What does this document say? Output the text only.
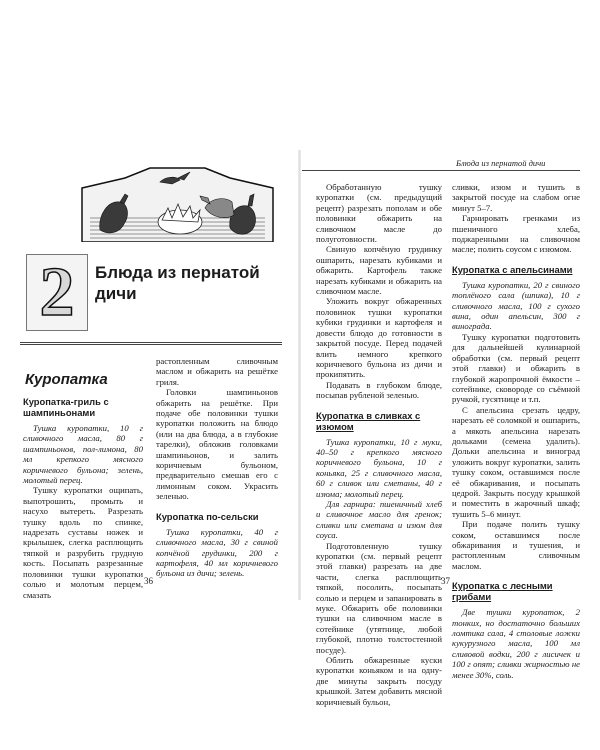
2	Блюда из пернатой дичи
Куропатка
Куропатка-гриль с шампиньонами

Тушка куропатки, 10 г сливочного масла, 80 г шампиньонов, пол-лимона, 80 мл крепкого мясного коричневого бульона; зелень, молотый перец.

Тушку куропатки ощипать, выпотрошить, промыть и насухо вытереть. Разрезать тушку вдоль по спинке, надрезать суставы ножек и крылышек, слегка расплющить тяпкой и разрубить грудную кость. Посыпать разрезанные половинки тушки куропатки солью и молотым перцем, смазать

растопленным сливочным маслом и обжарить на решётке гриля.

Головки шампиньонов обжарить на решётке. При подаче обе половинки тушки куропатки положить на блюдо (или на два блюда, а в глубокие тарелки), обложив головками шампиньонов, и залить коричневым бульоном, предварительно смешав его с лимонным соком. Украсить зеленью.

Куропатка по-сельски

Тушка куропатки, 40 г сливочного масла, 30 г свиной копчёной грудинки, 200 г картофеля, 40 мл коричневого бульона из дичи; зелень.

36
Блюда из пернатой дичи

Обработанную тушку куропатки (см. предыдущий рецепт) разрезать пополам и обе половинки обжарить на сливочном масле до полуготовности.

Свиную копчёную грудинку ошпарить, нарезать кубиками и обжарить. Картофель также нарезать кубиками и обжарить на сливочном масле.

Уложить вокруг обжаренных половинок тушки куропатки кубики грудинки и картофеля и довести блюдо до готовности в закрытой посуде. Перед подачей влить немного крепкого коричневого бульона из дичи и прокипятить.

Подавать в глубоком блюде, посыпав рубленой зеленью.

Куропатка в сливках с изюмом

Тушка куропатки, 10 г муки, 40–50 г крепкого мясного коричневого бульона, 10 г коньяка, 25 г сливочного масла, 60 г сливок или сметаны, 40 г изюма; молотый перец.

Для гарнира: пшеничный хлеб и сливочное масло для гренок; сливки или сметана и изюм для соуса.

Подготовленную тушку куропатки (см. первый рецепт этой главки) разрезать на две части, слегка расплющить тяпкой, посолить, посыпать солью и перцем и запанировать в муке. Обжарить обе половинки тушки на сливочном масле в сотейнике (утятнице, любой глубокой, плотно толстостенной посуде).

Облить обжаренные куски куропатки коньяком и на одну-две минуты закрыть посуду крышкой. Затем добавить мясной коричневый бульон,

сливки, изюм и тушить в закрытой посуде на слабом огне минут 5–7.

Гарнировать гренками из пшеничного хлеба, поджаренными на сливочном масле; полить соусом с изюмом.

Куропатка с апельсинами

Тушка куропатки, 20 г свиного топлёного сала (шпика), 10 г сливочного масла, 100 г сухого вина, один апельсин, 300 г винограда.

Тушку куропатки подготовить для дальнейшей кулинарной обработки (см. первый рецепт этой главки) и обжарить в глубокой жаропрочной ёмкости – сотейнике, сковороде со съёмной ручкой, гусятнице и т.п.

С апельсина срезать цедру, нарезать её соломкой и ошпарить, а мякоть апельсина нарезать дольками (семена удалить). Дольки апельсина и виноград уложить вокруг куропатки, залить тушку соком, оставшимся после её обжаривания, и посыпать цедрой. Закрыть посуду крышкой и поместить в жарочный шкаф; тушить 5–6 минут.

При подаче полить тушку соком, оставшимся после обжаривания и тушения, и растопленным сливочным маслом.

Куропатка с лесными грибами

Две тушки куропаток, 2 тонких, но достаточно больших ломтика сала, 4 столовые ложки кукурузного масла, 100 мл сливовой водки, 200 г лисичек и 100 г опят; сливки жирностью не менее 30%, соль.

37
